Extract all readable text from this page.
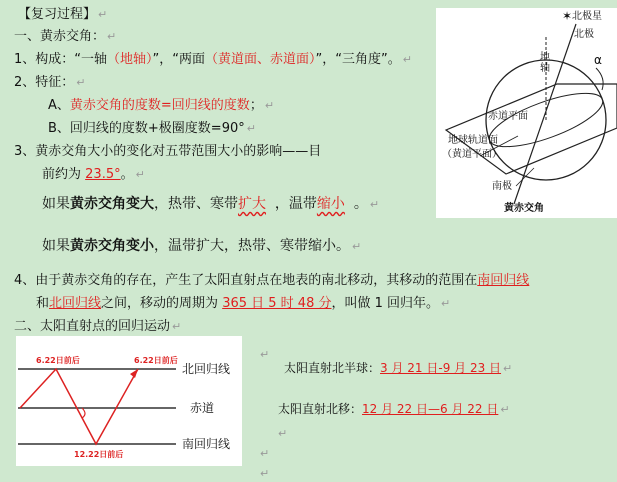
【复习过程】 ↵
一、黄赤交角： ↵
1、构成：“一轴（地轴）”，“两面（黄道面、赤道面）”，“三角度”。 ↵
2、特征： ↵
A、黄赤交角的度数=回归线的度数； ↵
B、回归线的度数+极圈度数=90° ↵
3、黄赤交角大小的变化对五带范围大小的影响——目
前约为 23.5°。 ↵
如果黄赤交角变大，热带、寒带扩大 ，温带缩小 。 ↵
如果黄赤交角变小，温带扩大，热带、寒带缩小。 ↵
4、由于黄赤交角的存在，产生了太阳直射点在地表的南北移动，其移动的范围在南回归线
和北回归线之间，移动的周期为 365 日 5 时 48 分，叫做 1 回归年。 ↵
二、太阳直射点的回归运动 ↵
太阳直射北半球：3 月 21 日-9 月 23 日 ↵
太阳直射北移：12 月 22 日—6 月 22 日 ↵
↵
↵
↵
↵
✶ 北极星
北极
α
地轴
赤道平面
地球轨道面
（黄道平面）
南极
黄赤交角
6.22日前后	6.22日前后
12.22日前后
北回归线
赤道
南回归线
